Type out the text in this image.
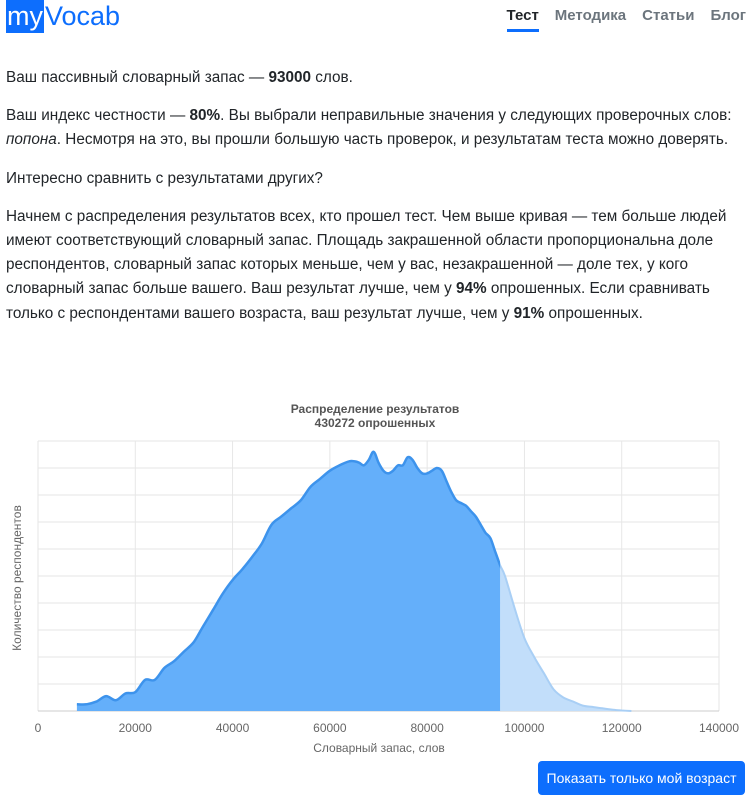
my Vocab	Тест	Методика	Статьи	Блог

Ваш пассивный словарный запас — 93000 слов.

Ваш индекс честности — 80%. Вы выбрали неправильные значения у следующих проверочных слов: попона. Несмотря на это, вы прошли большую часть проверок, и результатам теста можно доверять.

Интересно сравнить с результатами других?

Начнем с распределения результатов всех, кто прошел тест. Чем выше кривая — тем больше людей имеют соответствующий словарный запас. Площадь закрашенной области пропорциональна доле респондентов, словарный запас которых меньше, чем у вас, незакрашенной — доле тех, у кого словарный запас больше вашего. Ваш результат лучше, чем у 94% опрошенных. Если сравнивать только с респондентами вашего возраста, ваш результат лучше, чем у 91% опрошенных.

Распределение результатов
430272 опрошенных
0	20000	40000	60000	80000	100000	120000	140000
Словарный запас, слов
Количество респондентов
Показать только мой возраст
